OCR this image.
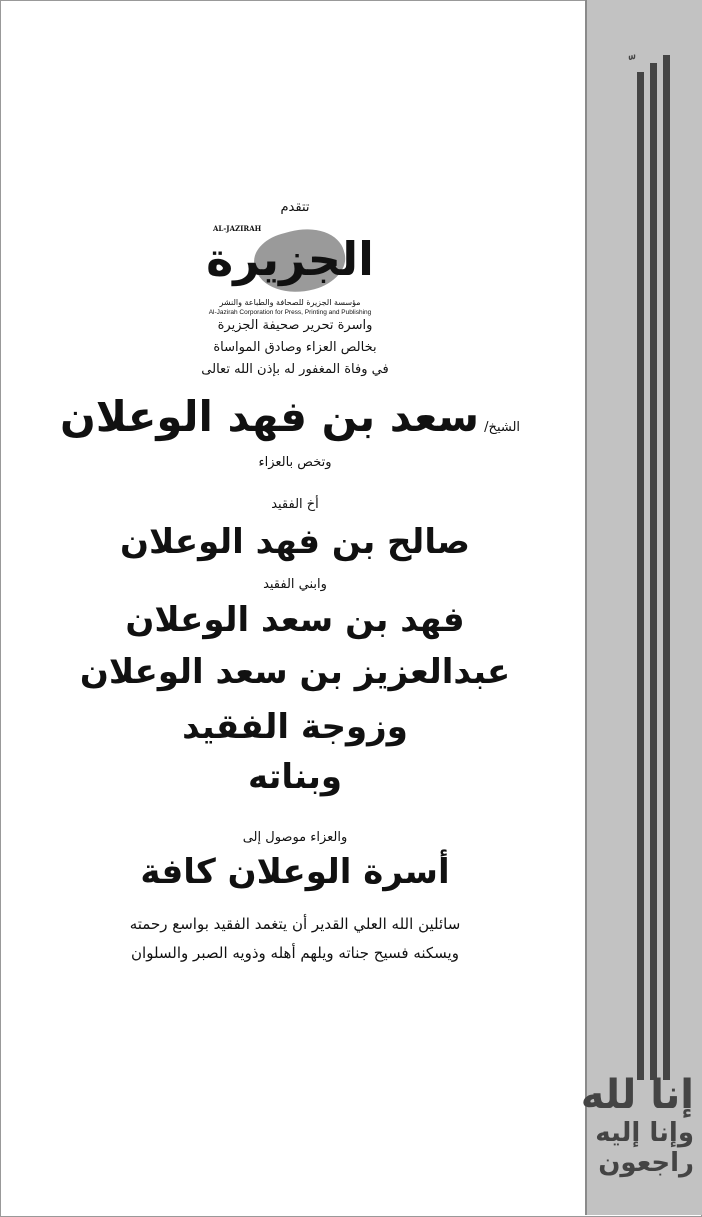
إنا لله
وإنا إليه
راجعون
تتقدم
AL-JAZIRAH
الجزيرة
مؤسسة الجزيرة للصحافة والطباعة والنشر
Al-Jazirah Corporation for Press, Printing and Publishing
واسرة تحرير صحيفة الجزيرة
بخالص العزاء وصادق المواساة
في وفاة المغفور له بإذن الله تعالى
الشيخ/ سعد بن فهد الوعلان
وتخص بالعزاء
أخ الفقيد
صالح بن فهد الوعلان
وابني الفقيد
فهد بن سعد الوعلان
عبدالعزيز بن سعد الوعلان
وزوجة الفقيد
وبناته
والعزاء موصول إلى
أسرة الوعلان كافة
سائلين الله العلي القدير أن يتغمد الفقيد بواسع رحمته
ويسكنه فسيح جناته ويلهم أهله وذويه الصبر والسلوان
